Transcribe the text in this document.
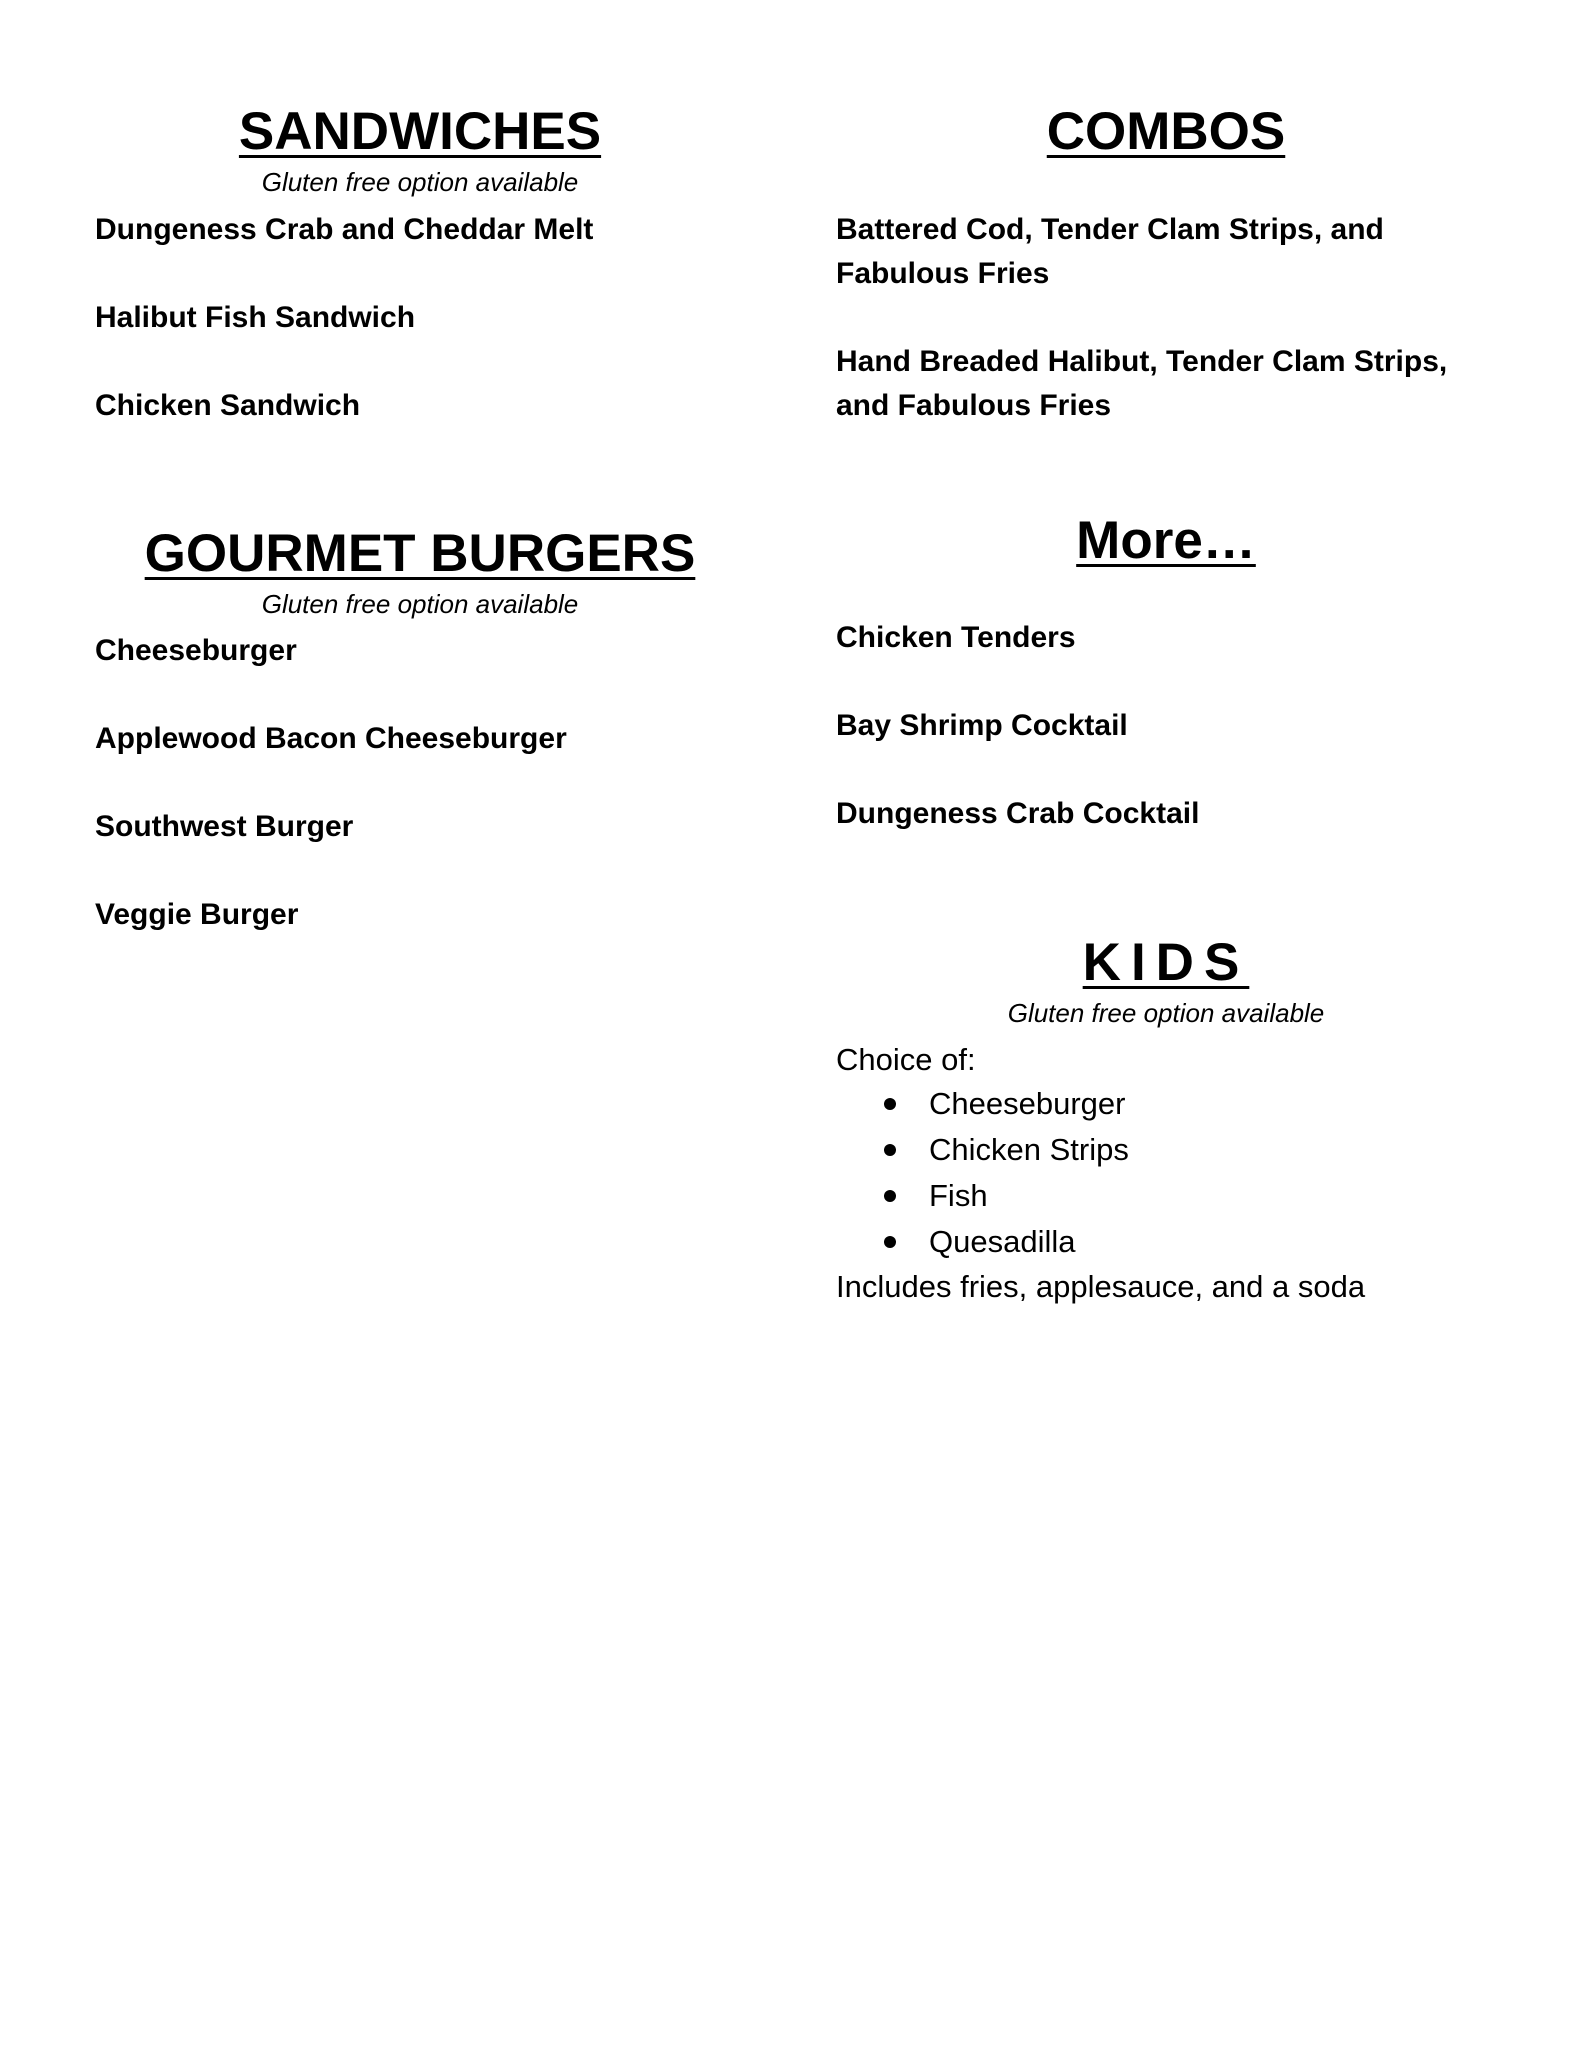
SANDWICHES

Gluten free option available

Dungeness Crab and Cheddar Melt

Halibut Fish Sandwich

Chicken Sandwich

GOURMET BURGERS

Gluten free option available

Cheeseburger

Applewood Bacon Cheeseburger

Southwest Burger

Veggie Burger

COMBOS

Battered Cod, Tender Clam Strips, and Fabulous Fries

Hand Breaded Halibut, Tender Clam Strips, and Fabulous Fries

More…

Chicken Tenders

Bay Shrimp Cocktail

Dungeness Crab Cocktail

KIDS

Gluten free option available

Choice of:

Cheeseburger
Chicken Strips
Fish
Quesadilla

Includes fries, applesauce, and a soda
